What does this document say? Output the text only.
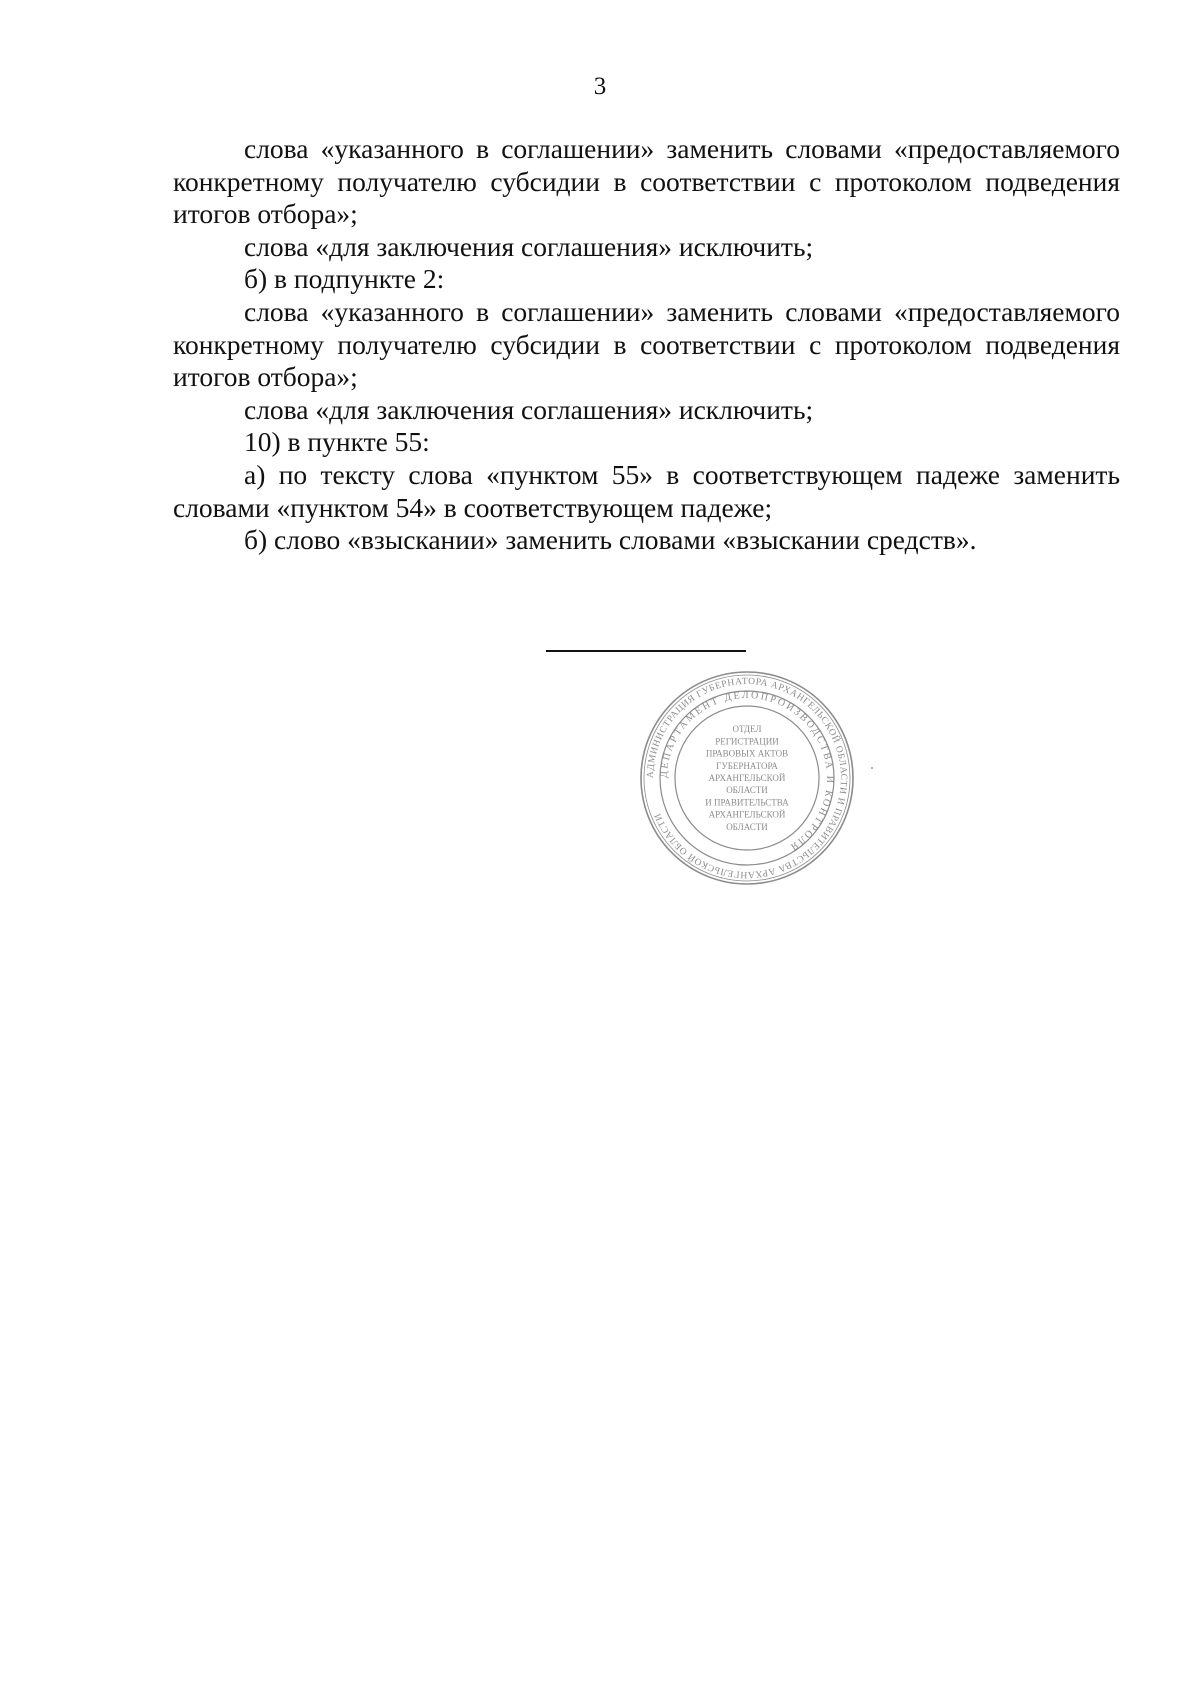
3

слова «указанного в соглашении» заменить словами «предоставляемого конкретному получателю субсидии в соответствии с протоколом подведения итогов отбора»;

слова «для заключения соглашения» исключить;

б) в подпункте 2:

слова «указанного в соглашении» заменить словами «предоставляемого конкретному получателю субсидии в соответствии с протоколом подведения итогов отбора»;

слова «для заключения соглашения» исключить;

10) в пункте 55:

а) по тексту слова «пунктом 55» в соответствующем падеже заменить словами «пунктом 54» в соответствующем падеже;

б) слово «взыскании» заменить словами «взыскании средств».

АДМИНИСТРАЦИЯ ГУБЕРНАТОРА АРХАНГЕЛЬСКОЙ ОБЛАСТИ И ПРАВИТЕЛЬСТВА АРХАНГЕЛЬСКОЙ ОБЛАСТИ
ДЕПАРТАМЕНТ ДЕЛОПРОИЗВОДСТВА И КОНТРОЛЯ
ОТДЕЛ
РЕГИСТРАЦИИ
ПРАВОВЫХ АКТОВ
ГУБЕРНАТОРА
АРХАНГЕЛЬСКОЙ
ОБЛАСТИ
И ПРАВИТЕЛЬСТВА
АРХАНГЕЛЬСКОЙ
ОБЛАСТИ
